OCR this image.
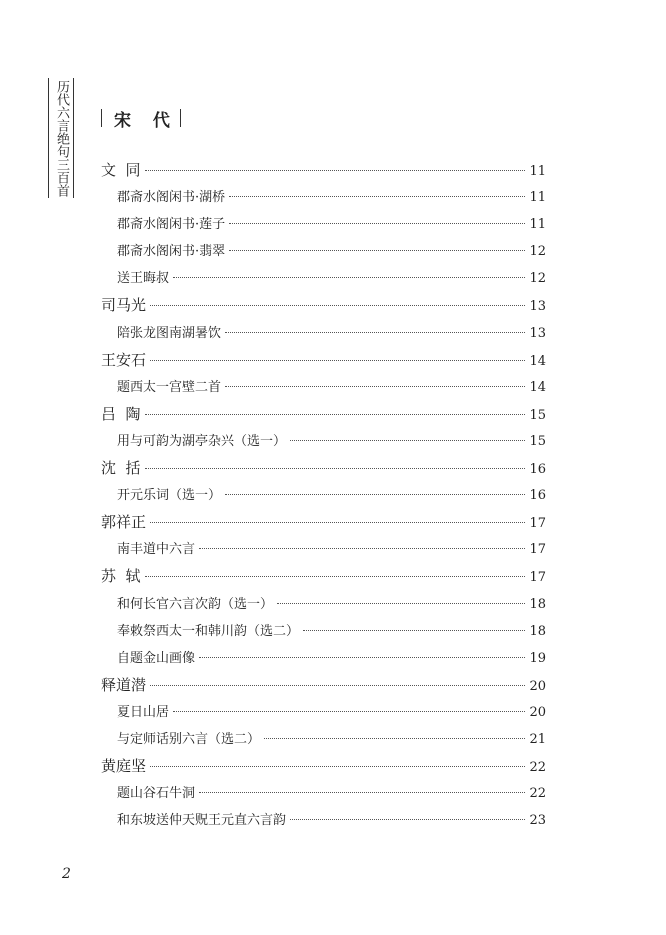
历代六言绝句三百首	宋 代
文  同	11
郡斋水阁闲书·湖桥	11
郡斋水阁闲书·莲子	11
郡斋水阁闲书·翡翠	12
送王晦叔	12
司马光	13
陪张龙图南湖暑饮	13
王安石	14
题西太一宫壁二首	14
吕  陶	15
用与可韵为湖亭杂兴（选一）	15
沈  括	16
开元乐词（选一）	16
郭祥正	17
南丰道中六言	17
苏  轼	17
和何长官六言次韵（选一）	18
奉敕祭西太一和韩川韵（选二）	18
自题金山画像	19
释道潜	20
夏日山居	20
与定师话别六言（选二）	21
黄庭坚	22
题山谷石牛洞	22
和东坡送仲天贶王元直六言韵	23
2
